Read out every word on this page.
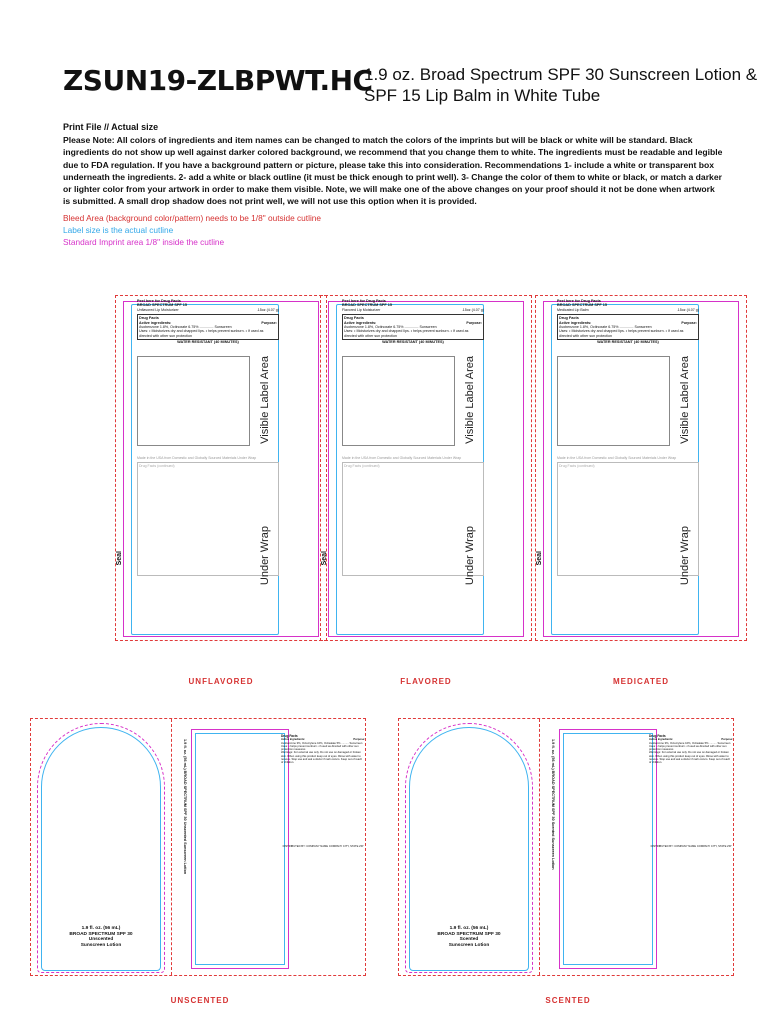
ZSUN19-ZLBPWT.HC
1.9 oz. Broad Spectrum SPF 30 Sunscreen Lotion & SPF 15 Lip Balm in White Tube
Print File // Actual size
Please Note: All colors of ingredients and item names can be changed to match the colors of the imprints but will be black or white will be standard. Black ingredients do not show up well against darker colored background, we recommend that you change them to white. The ingredients must be readable and legible due to FDA regulation. If you have a background pattern or picture, please take this into consideration. Recommendations 1- include a white or transparent box underneath the ingredients. 2- add a white or black outline (it must be thick enough to print well). 3- Change the color of them to white or black, or match a darker or lighter color from your artwork in order to make them visible. Note, we will make one of the above changes on your proof should it not be done when artwork is submitted. A small drop shadow does not print well, we will not use this option when it is provided.
Bleed Area (background color/pattern) needs to be 1/8" outside cutline
Label size is the actual cutline
Standard Imprint area 1/8" inside the cutline
Peel here for Drug Facts
BROAD SPECTRUM SPF 15
Unflavored Lip Moisturizer	.15oz (4.07 g)
Drug Facts
Active ingredients:	Purpose:
Avobenzone 1.8%, Octinoxate 6.75% .............. Sunscreen
Uses: • Moisturizes dry and chapped lips. • helps prevent sunburn. • If used as directed with other sun protection
WATER RESISTANT (40 MINUTES)
Made in the USA from Domestic and Globally Sourced Materials Under Wrap
Drug Facts (continued)
Visible Label Area
Under Wrap
Seal
UNFLAVORED
Peel here for Drug Facts
BROAD SPECTRUM SPF 15
Flavored Lip Moisturizer	.15oz (4.07 g)
Drug Facts
Active ingredients:	Purpose:
Avobenzone 1.8%, Octinoxate 6.75% .............. Sunscreen
Uses: • Moisturizes dry and chapped lips. • helps prevent sunburn. • If used as directed with other sun protection
WATER RESISTANT (40 MINUTES)
Made in the USA from Domestic and Globally Sourced Materials Under Wrap
Drug Facts (continued)
Visible Label Area
Under Wrap
Seal
FLAVORED
Peel here for Drug Facts
BROAD SPECTRUM SPF 15
Medicated Lip Balm	.15oz (4.07 g)
Drug Facts
Active ingredients:	Purpose:
Avobenzone 1.8%, Octinoxate 6.75% .............. Sunscreen
Uses: • Moisturizes dry and chapped lips. • helps prevent sunburn. • If used as directed with other sun protection
WATER RESISTANT (40 MINUTES)
Made in the USA from Domestic and Globally Sourced Materials Under Wrap
Drug Facts (continued)
Visible Label Area
Under Wrap
Seal
MEDICATED
1.9 fl. oz. (56 mL)
BROAD SPECTRUM SPF 30
Unscented
Sunscreen Lotion
1.9 fl. oz. (56 mL) BROAD SPECTRUM SPF 30 Unscented Sunscreen Lotion
Drug Facts
Active ingredients:	Purpose:
Avobenzone 3%, Octocrylene 10%, Octisalate 5% .......... Sunscreen
Uses: • helps prevent sunburn • if used as directed with other sun protection measures
Warnings: For external use only. Do not use on damaged or broken skin. When using this product keep out of eyes. Rinse with water to remove. Stop use and ask a doctor if rash occurs. Keep out of reach of children.
DISTRIBUTED BY: COMPANY NAME COMPANY CITY, STATE ZIP
UNSCENTED
1.9 fl. oz. (56 mL)
BROAD SPECTRUM SPF 30
Scented
Sunscreen Lotion
1.9 fl. oz. (56 mL) BROAD SPECTRUM SPF 30 Scented Sunscreen Lotion
Drug Facts
Active ingredients:	Purpose:
Avobenzone 3%, Octocrylene 10%, Octisalate 5% .......... Sunscreen
Uses: • helps prevent sunburn • if used as directed with other sun protection measures
Warnings: For external use only. Do not use on damaged or broken skin. When using this product keep out of eyes. Rinse with water to remove. Stop use and ask a doctor if rash occurs. Keep out of reach of children.
DISTRIBUTED BY: COMPANY NAME COMPANY CITY, STATE ZIP
SCENTED
